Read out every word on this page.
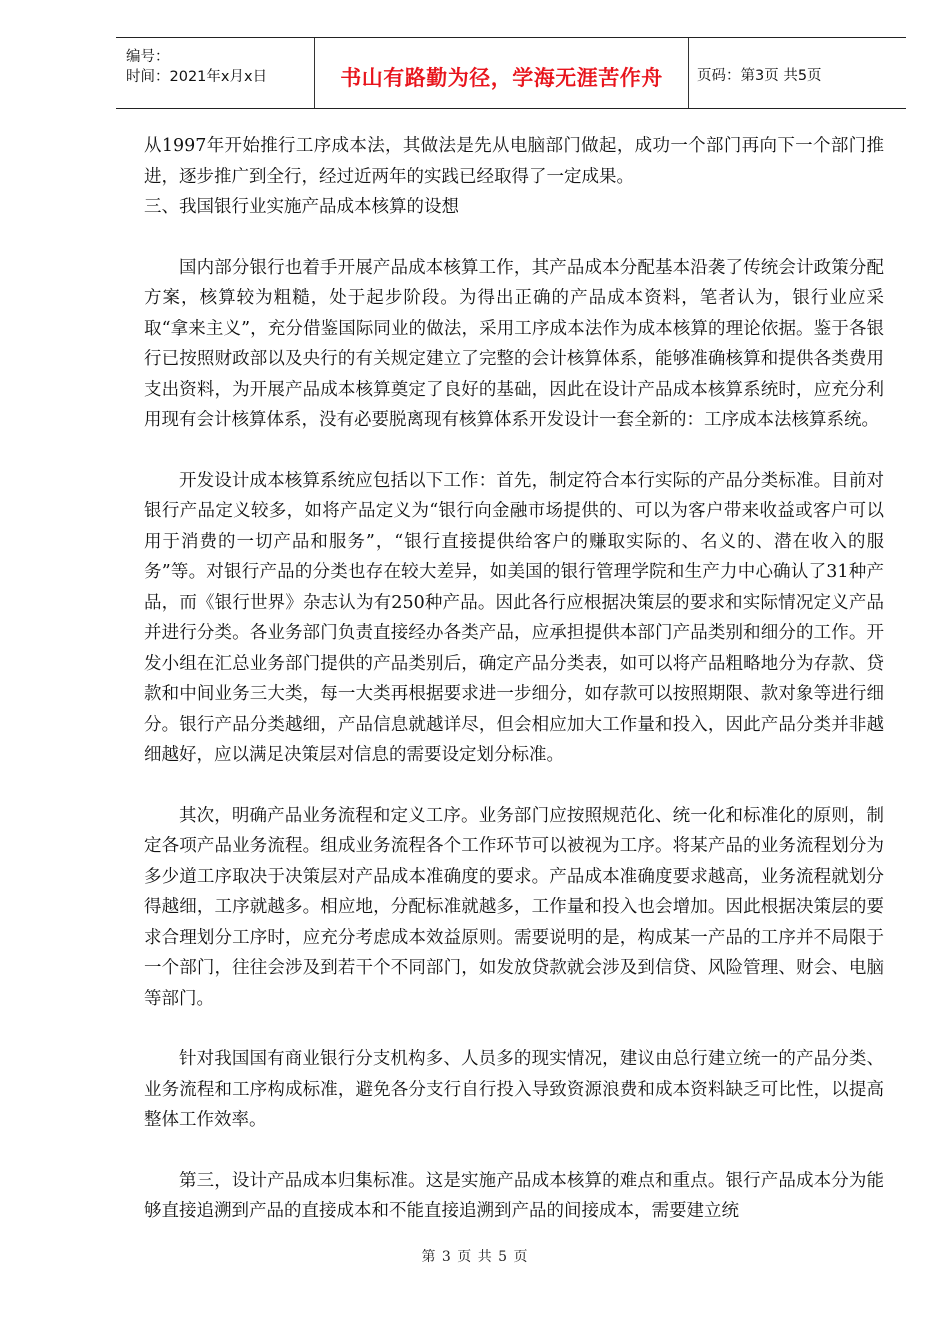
编号：
时间：2021年x月x日	书山有路勤为径，学海无涯苦作舟	页码：第3页 共5页

从1997年开始推行工序成本法，其做法是先从电脑部门做起，成功一个部门再向下一个部门推进，逐步推广到全行，经过近两年的实践已经取得了一定成果。

三、我国银行业实施产品成本核算的设想

国内部分银行也着手开展产品成本核算工作，其产品成本分配基本沿袭了传统会计政策分配方案，核算较为粗糙，处于起步阶段。为得出正确的产品成本资料，笔者认为，银行业应采取“拿来主义”，充分借鉴国际同业的做法，采用工序成本法作为成本核算的理论依据。鉴于各银行已按照财政部以及央行的有关规定建立了完整的会计核算体系，能够准确核算和提供各类费用支出资料，为开展产品成本核算奠定了良好的基础，因此在设计产品成本核算系统时，应充分利用现有会计核算体系，没有必要脱离现有核算体系开发设计一套全新的：工序成本法核算系统。

开发设计成本核算系统应包括以下工作：首先，制定符合本行实际的产品分类标准。目前对银行产品定义较多，如将产品定义为“银行向金融市场提供的、可以为客户带来收益或客户可以用于消费的一切产品和服务”，“银行直接提供给客户的赚取实际的、名义的、潜在收入的服务”等。对银行产品的分类也存在较大差异，如美国的银行管理学院和生产力中心确认了31种产品，而《银行世界》杂志认为有250种产品。因此各行应根据决策层的要求和实际情况定义产品并进行分类。各业务部门负责直接经办各类产品，应承担提供本部门产品类别和细分的工作。开发小组在汇总业务部门提供的产品类别后，确定产品分类表，如可以将产品粗略地分为存款、贷款和中间业务三大类，每一大类再根据要求进一步细分，如存款可以按照期限、款对象等进行细分。银行产品分类越细，产品信息就越详尽，但会相应加大工作量和投入，因此产品分类并非越细越好，应以满足决策层对信息的需要设定划分标准。

其次，明确产品业务流程和定义工序。业务部门应按照规范化、统一化和标准化的原则，制定各项产品业务流程。组成业务流程各个工作环节可以被视为工序。将某产品的业务流程划分为多少道工序取决于决策层对产品成本准确度的要求。产品成本准确度要求越高，业务流程就划分得越细，工序就越多。相应地，分配标准就越多，工作量和投入也会增加。因此根据决策层的要求合理划分工序时，应充分考虑成本效益原则。需要说明的是，构成某一产品的工序并不局限于一个部门，往往会涉及到若干个不同部门，如发放贷款就会涉及到信贷、风险管理、财会、电脑等部门。

针对我国国有商业银行分支机构多、人员多的现实情况，建议由总行建立统一的产品分类、业务流程和工序构成标准，避免各分支行自行投入导致资源浪费和成本资料缺乏可比性，以提高整体工作效率。

第三，设计产品成本归集标准。这是实施产品成本核算的难点和重点。银行产品成本分为能够直接追溯到产品的直接成本和不能直接追溯到产品的间接成本，需要建立统

第 3 页 共 5 页
